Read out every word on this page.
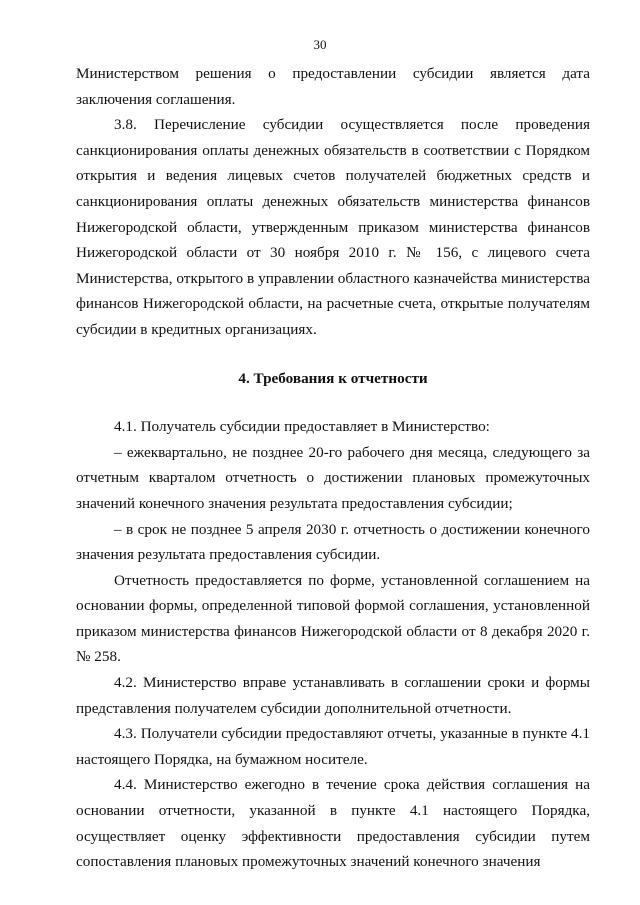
30

Министерством решения о предоставлении субсидии является дата заключения соглашения.

3.8. Перечисление субсидии осуществляется после проведения санкционирования оплаты денежных обязательств в соответствии с Порядком открытия и ведения лицевых счетов получателей бюджетных средств и санкционирования оплаты денежных обязательств министерства финансов Нижегородской области, утвержденным приказом министерства финансов Нижегородской области от 30 ноября 2010 г. № 156, с лицевого счета Министерства, открытого в управлении областного казначейства министерства финансов Нижегородской области, на расчетные счета, открытые получателям субсидии в кредитных организациях.

4. Требования к отчетности

4.1. Получатель субсидии предоставляет в Министерство:

– ежеквартально, не позднее 20-го рабочего дня месяца, следующего за отчетным кварталом отчетность о достижении плановых промежуточных значений конечного значения результата предоставления субсидии;

– в срок не позднее 5 апреля 2030 г. отчетность о достижении конечного значения результата предоставления субсидии.

Отчетность предоставляется по форме, установленной соглашением на основании формы, определенной типовой формой соглашения, установленной приказом министерства финансов Нижегородской области от 8 декабря 2020 г. № 258.

4.2. Министерство вправе устанавливать в соглашении сроки и формы представления получателем субсидии дополнительной отчетности.

4.3. Получатели субсидии предоставляют отчеты, указанные в пункте 4.1 настоящего Порядка, на бумажном носителе.

4.4. Министерство ежегодно в течение срока действия соглашения на основании отчетности, указанной в пункте 4.1 настоящего Порядка, осуществляет оценку эффективности предоставления субсидии путем сопоставления плановых промежуточных значений конечного значения
